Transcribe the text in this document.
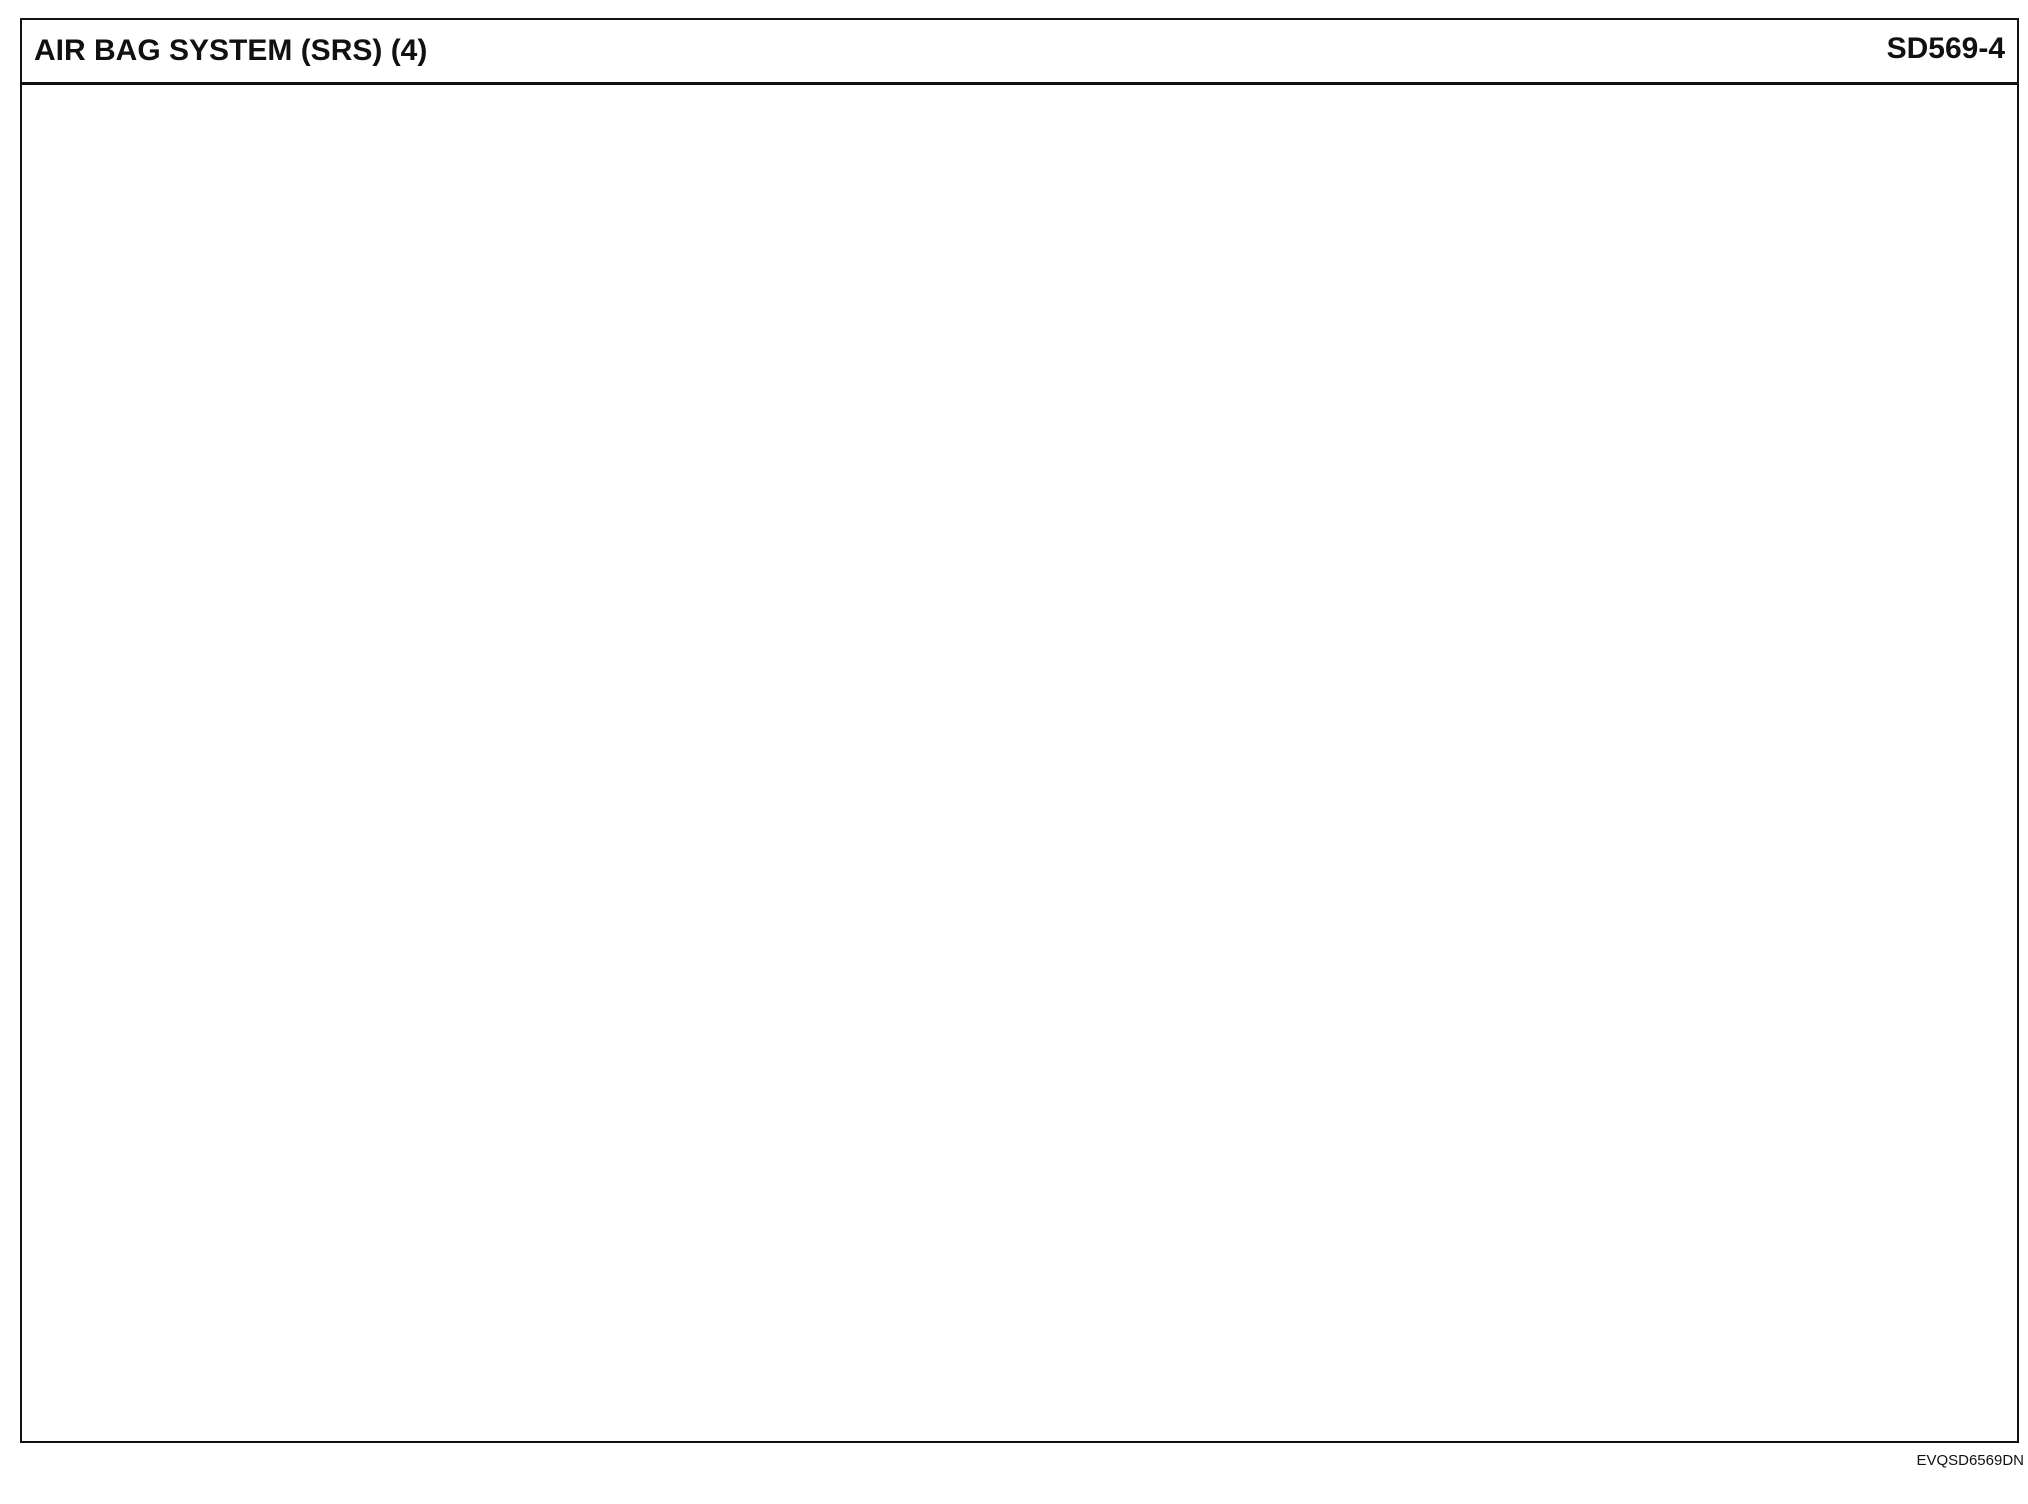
AIR BAG SYSTEM (SRS) (4)	SD569-4
EVQSD6569DN
